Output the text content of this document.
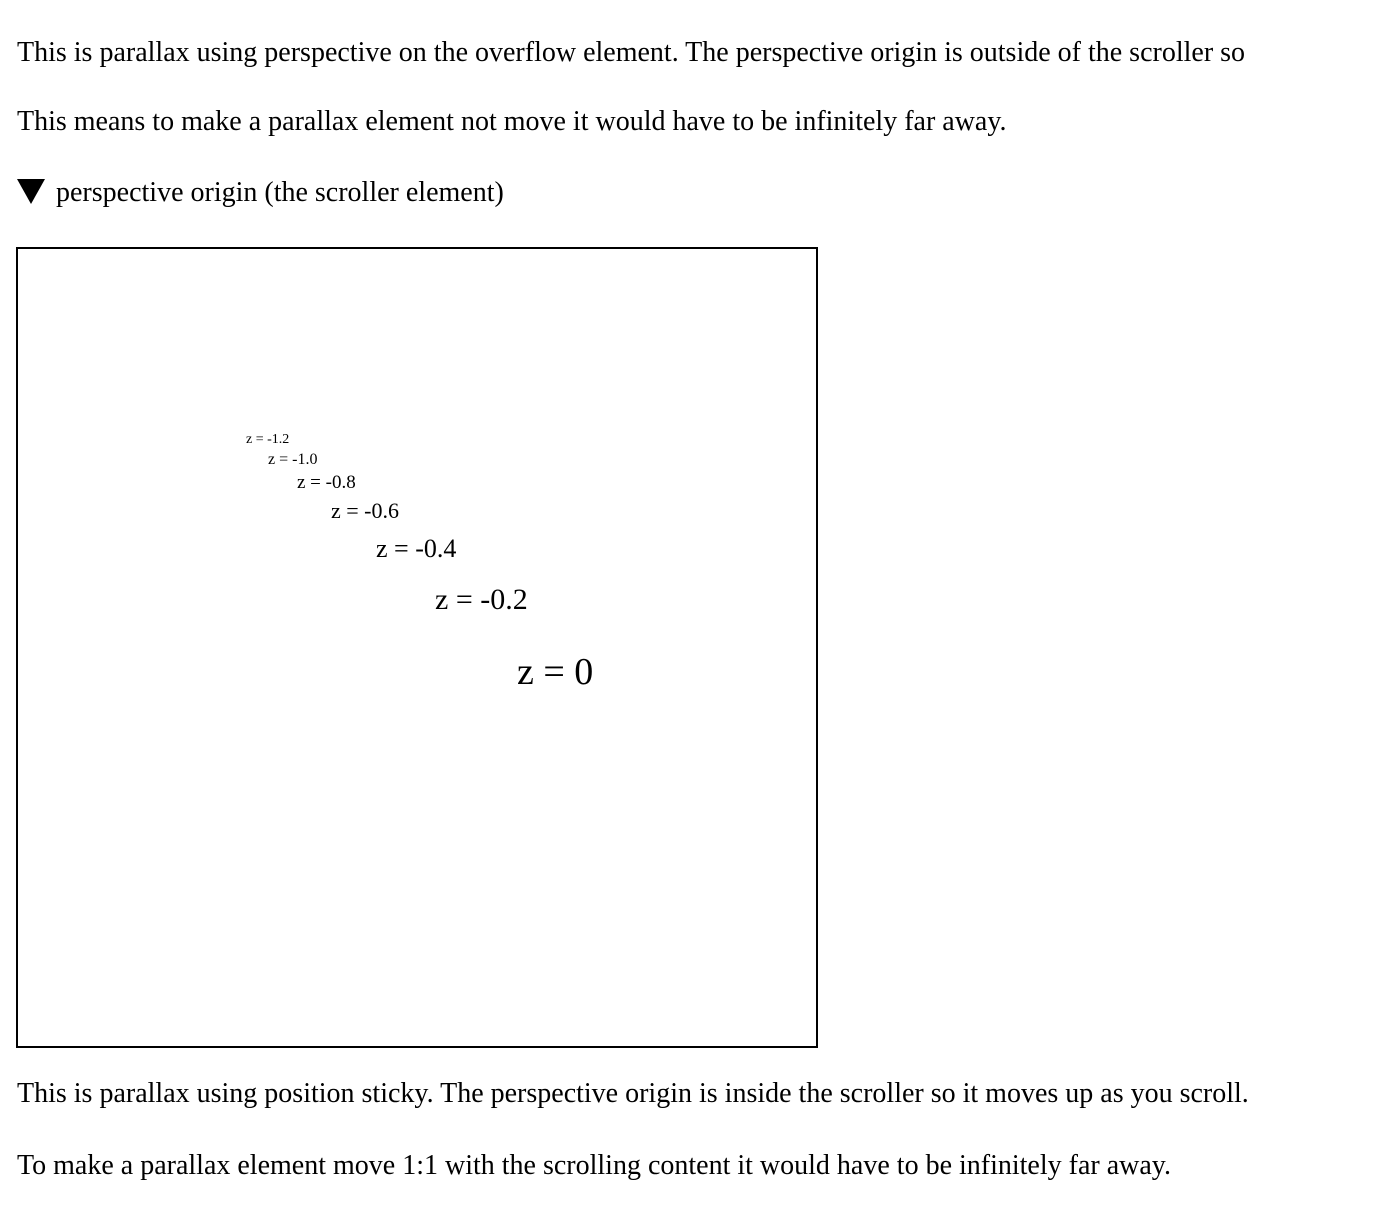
This is parallax using perspective on the overflow element. The perspective origin is outside of the scroller so

This means to make a parallax element not move it would have to be infinitely far away.

perspective origin (the scroller element)
z = -1.2
z = -1.0
z = -0.8
z = -0.6
z = -0.4
z = -0.2
z = 0

This is parallax using position sticky. The perspective origin is inside the scroller so it moves up as you scroll.

To make a parallax element move 1:1 with the scrolling content it would have to be infinitely far away.
